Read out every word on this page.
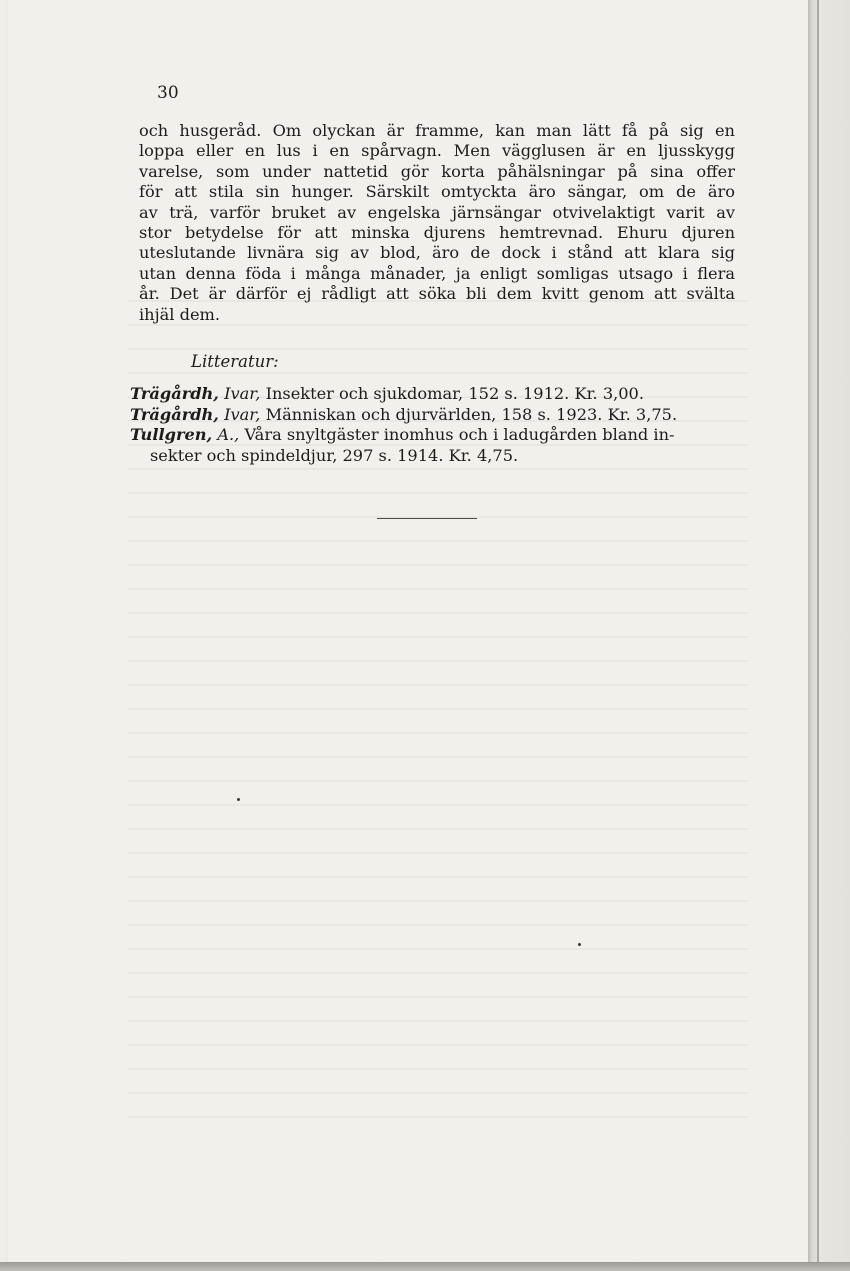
30
och husgeråd. Om olyckan är framme, kan man lätt få på sig en
loppa eller en lus i en spårvagn. Men vägglusen är en ljusskygg
varelse, som under nattetid gör korta påhälsningar på sina offer
för att stila sin hunger. Särskilt omtyckta äro sängar, om de äro
av trä, varför bruket av engelska järnsängar otvivelaktigt varit av
stor betydelse för att minska djurens hemtrevnad. Ehuru djuren
uteslutande livnära sig av blod, äro de dock i stånd att klara sig
utan denna föda i många månader, ja enligt somligas utsago i flera
år. Det är därför ej rådligt att söka bli dem kvitt genom att svälta
ihjäl dem.
Litteratur:
Trägårdh, Ivar, Insekter och sjukdomar, 152 s. 1912. Kr. 3,00.
Trägårdh, Ivar, Människan och djurvärlden, 158 s. 1923. Kr. 3,75.
Tullgren, A., Våra snyltgäster inomhus och i ladugården bland in-
sekter och spindeldjur, 297 s. 1914. Kr. 4,75.
